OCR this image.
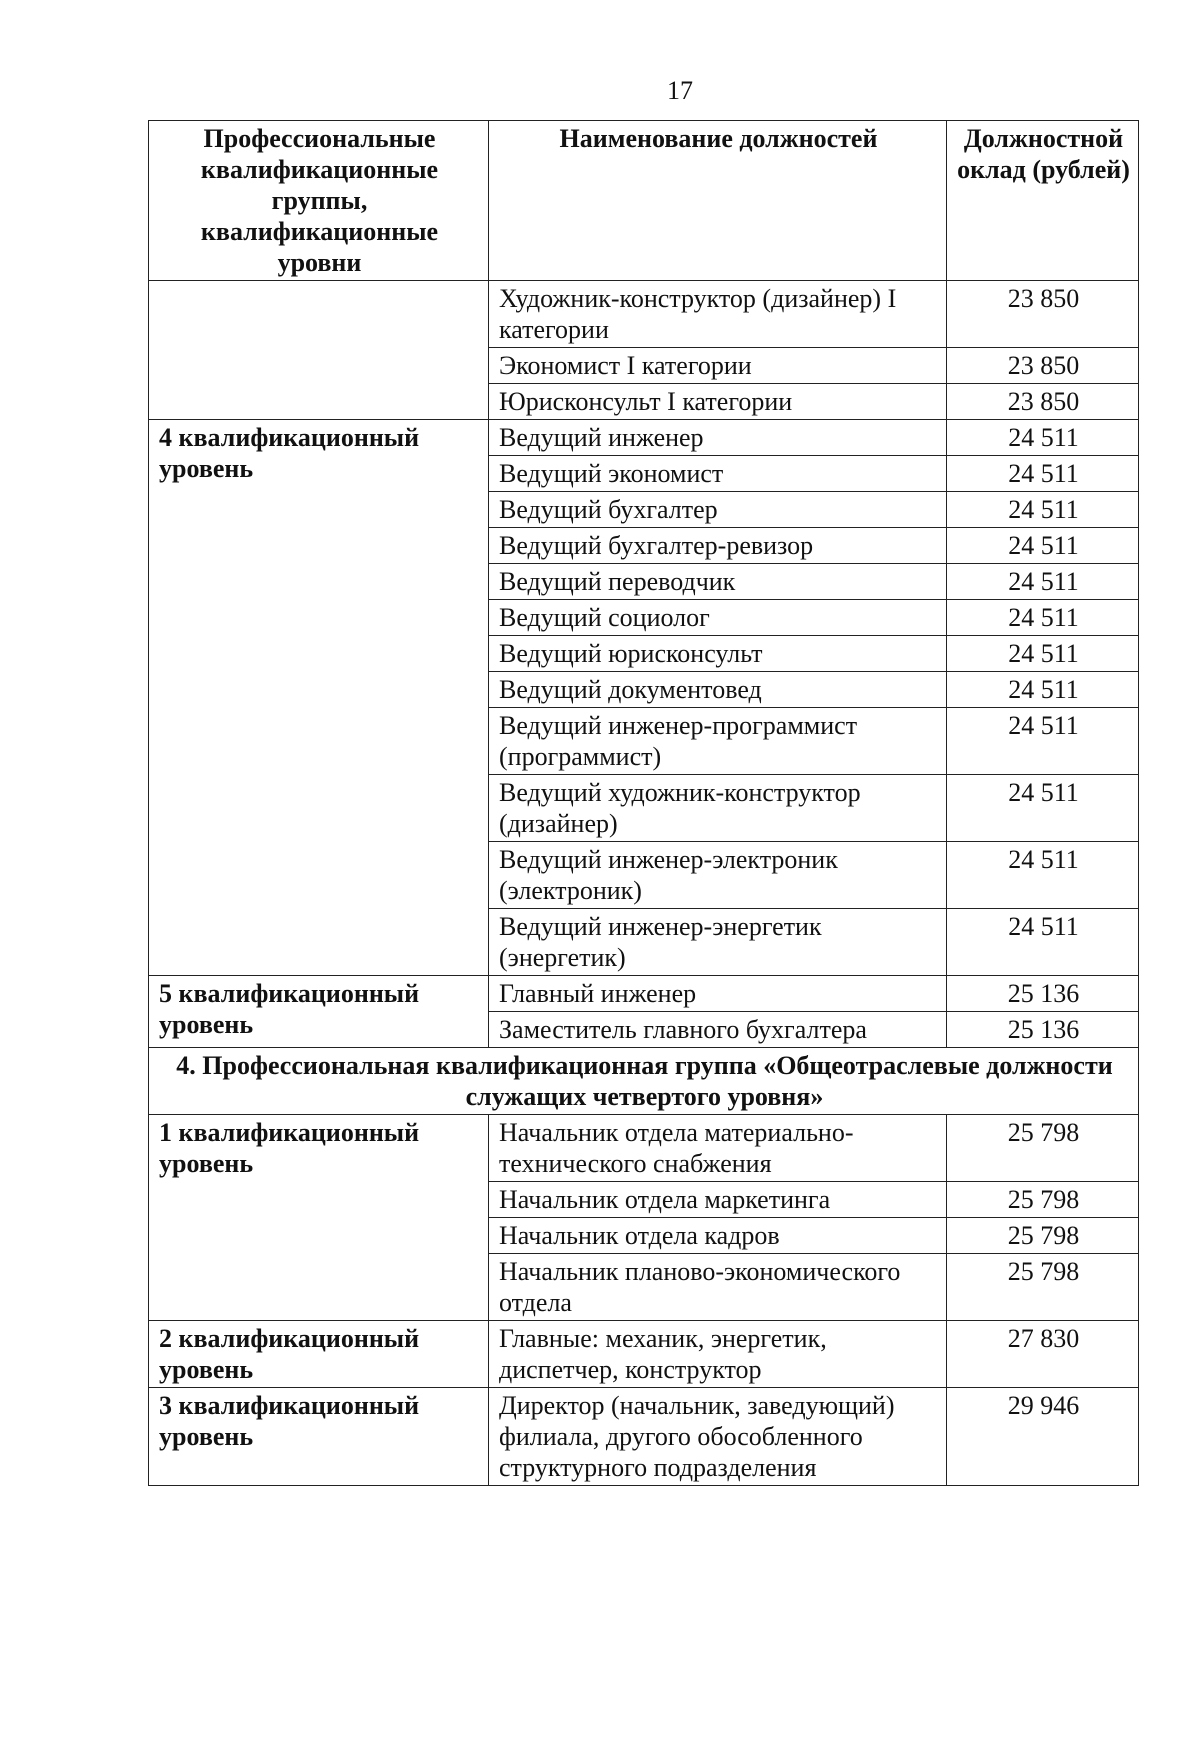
17
Профессиональные квалификационные группы, квалификационные уровни	Наименование должностей	Должностной оклад (рублей)
	Художник-конструктор (дизайнер) I категории	23 850
	Экономист I категории	23 850
	Юрисконсульт I категории	23 850
4 квалификационный уровень	Ведущий инженер	24 511
	Ведущий экономист	24 511
	Ведущий бухгалтер	24 511
	Ведущий бухгалтер-ревизор	24 511
	Ведущий переводчик	24 511
	Ведущий социолог	24 511
	Ведущий юрисконсульт	24 511
	Ведущий документовед	24 511
	Ведущий инженер-программист (программист)	24 511
	Ведущий художник-конструктор (дизайнер)	24 511
	Ведущий инженер-электроник (электроник)	24 511
	Ведущий инженер-энергетик (энергетик)	24 511
5 квалификационный уровень	Главный инженер	25 136
	Заместитель главного бухгалтера	25 136
4. Профессиональная квалификационная группа «Общеотраслевые должности служащих четвертого уровня»		
1 квалификационный уровень	Начальник отдела материально-технического снабжения	25 798
	Начальник отдела маркетинга	25 798
	Начальник отдела кадров	25 798
	Начальник планово-экономического отдела	25 798
2 квалификационный уровень	Главные: механик, энергетик, диспетчер, конструктор	27 830
3 квалификационный уровень	Директор (начальник, заведующий) филиала, другого обособленного структурного подразделения	29 946
